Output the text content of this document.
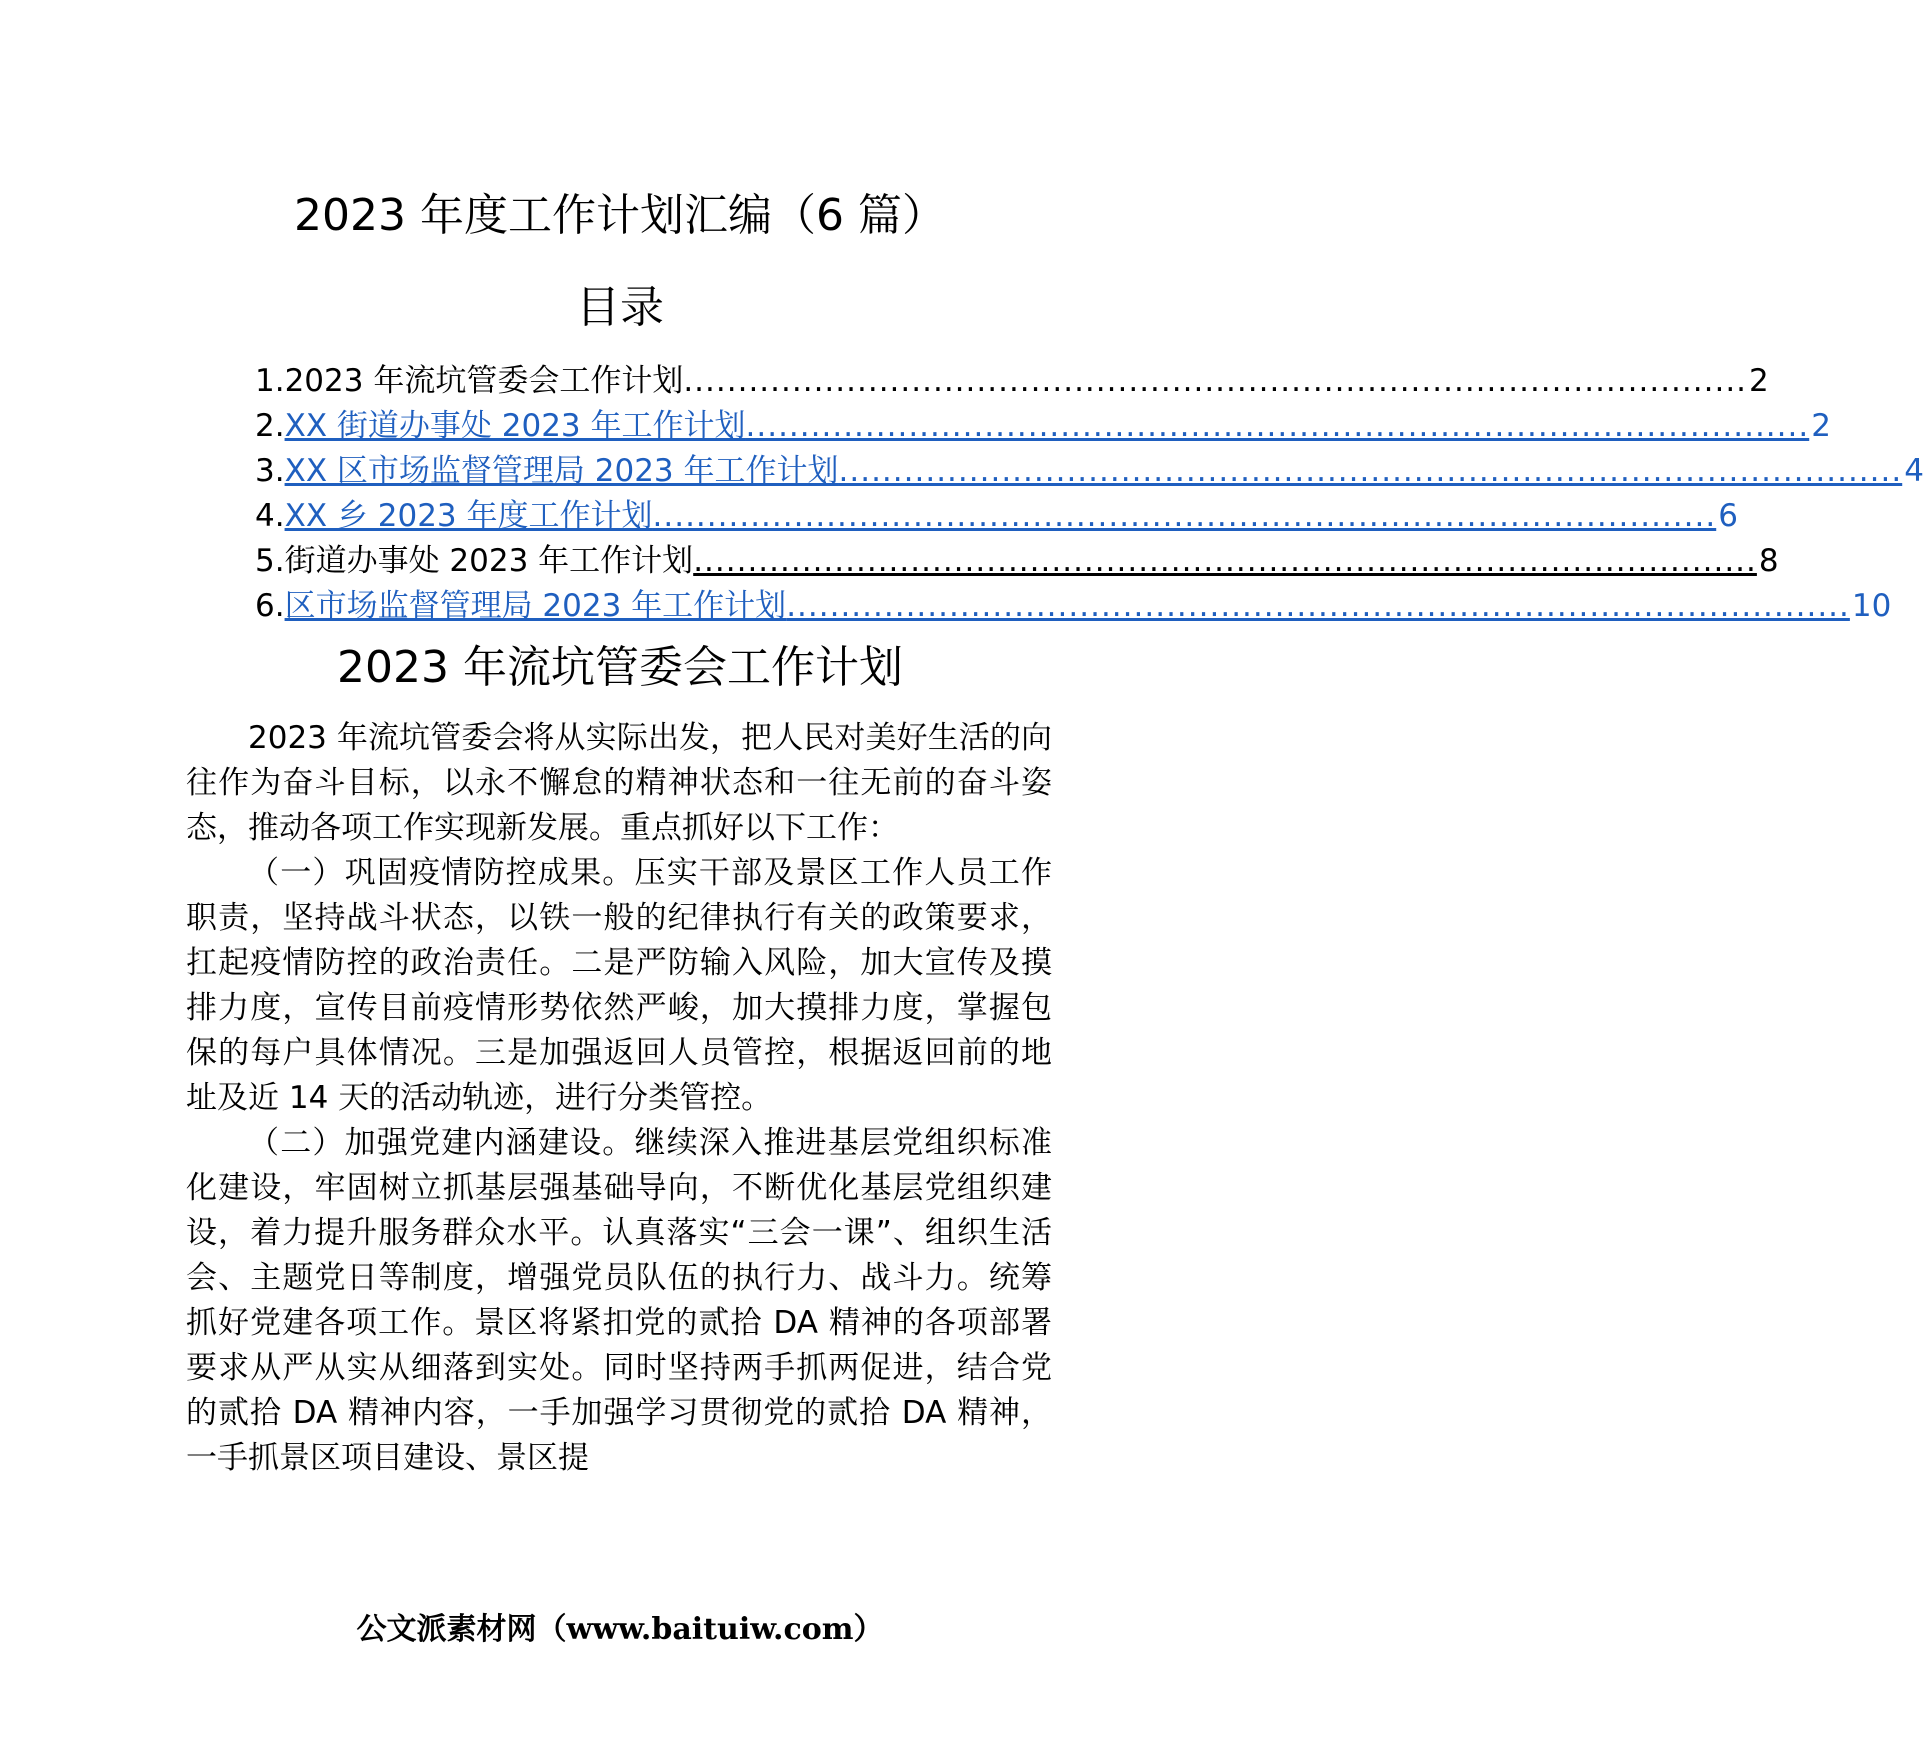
2023 年度工作计划汇编（6 篇）
目录
1. 2023 年流坑管委会工作计划 .................................................................................................. 2
2. XX 街道办事处 2023 年工作计划 .................................................................................................. 2
3. XX 区市场监督管理局 2023 年工作计划 .................................................................................................. 4
4. XX 乡 2023 年度工作计划 .................................................................................................. 6
5. 街道办事处 2023 年工作计划 .................................................................................................. 8
6. 区市场监督管理局 2023 年工作计划 .................................................................................................. 10
2023 年流坑管委会工作计划

2023 年流坑管委会将从实际出发，把人民对美好生活的向往作为奋斗目标，以永不懈怠的精神状态和一往无前的奋斗姿态，推动各项工作实现新发展。重点抓好以下工作：

（一）巩固疫情防控成果。压实干部及景区工作人员工作职责，坚持战斗状态，以铁一般的纪律执行有关的政策要求，扛起疫情防控的政治责任。二是严防输入风险，加大宣传及摸排力度，宣传目前疫情形势依然严峻，加大摸排力度，掌握包保的每户具体情况。三是加强返回人员管控，根据返回前的地址及近 14 天的活动轨迹，进行分类管控。

（二）加强党建内涵建设。继续深入推进基层党组织标准化建设，牢固树立抓基层强基础导向，不断优化基层党组织建设，着力提升服务群众水平。认真落实“三会一课”、组织生活会、主题党日等制度，增强党员队伍的执行力、战斗力。统筹抓好党建各项工作。景区将紧扣党的贰拾 DA 精神的各项部署要求从严从实从细落到实处。同时坚持两手抓两促进，结合党的贰拾 DA 精神内容，一手加强学习贯彻党的贰拾 DA 精神，一手抓景区项目建设、景区提

公文派素材网（www.baituiw.com）
